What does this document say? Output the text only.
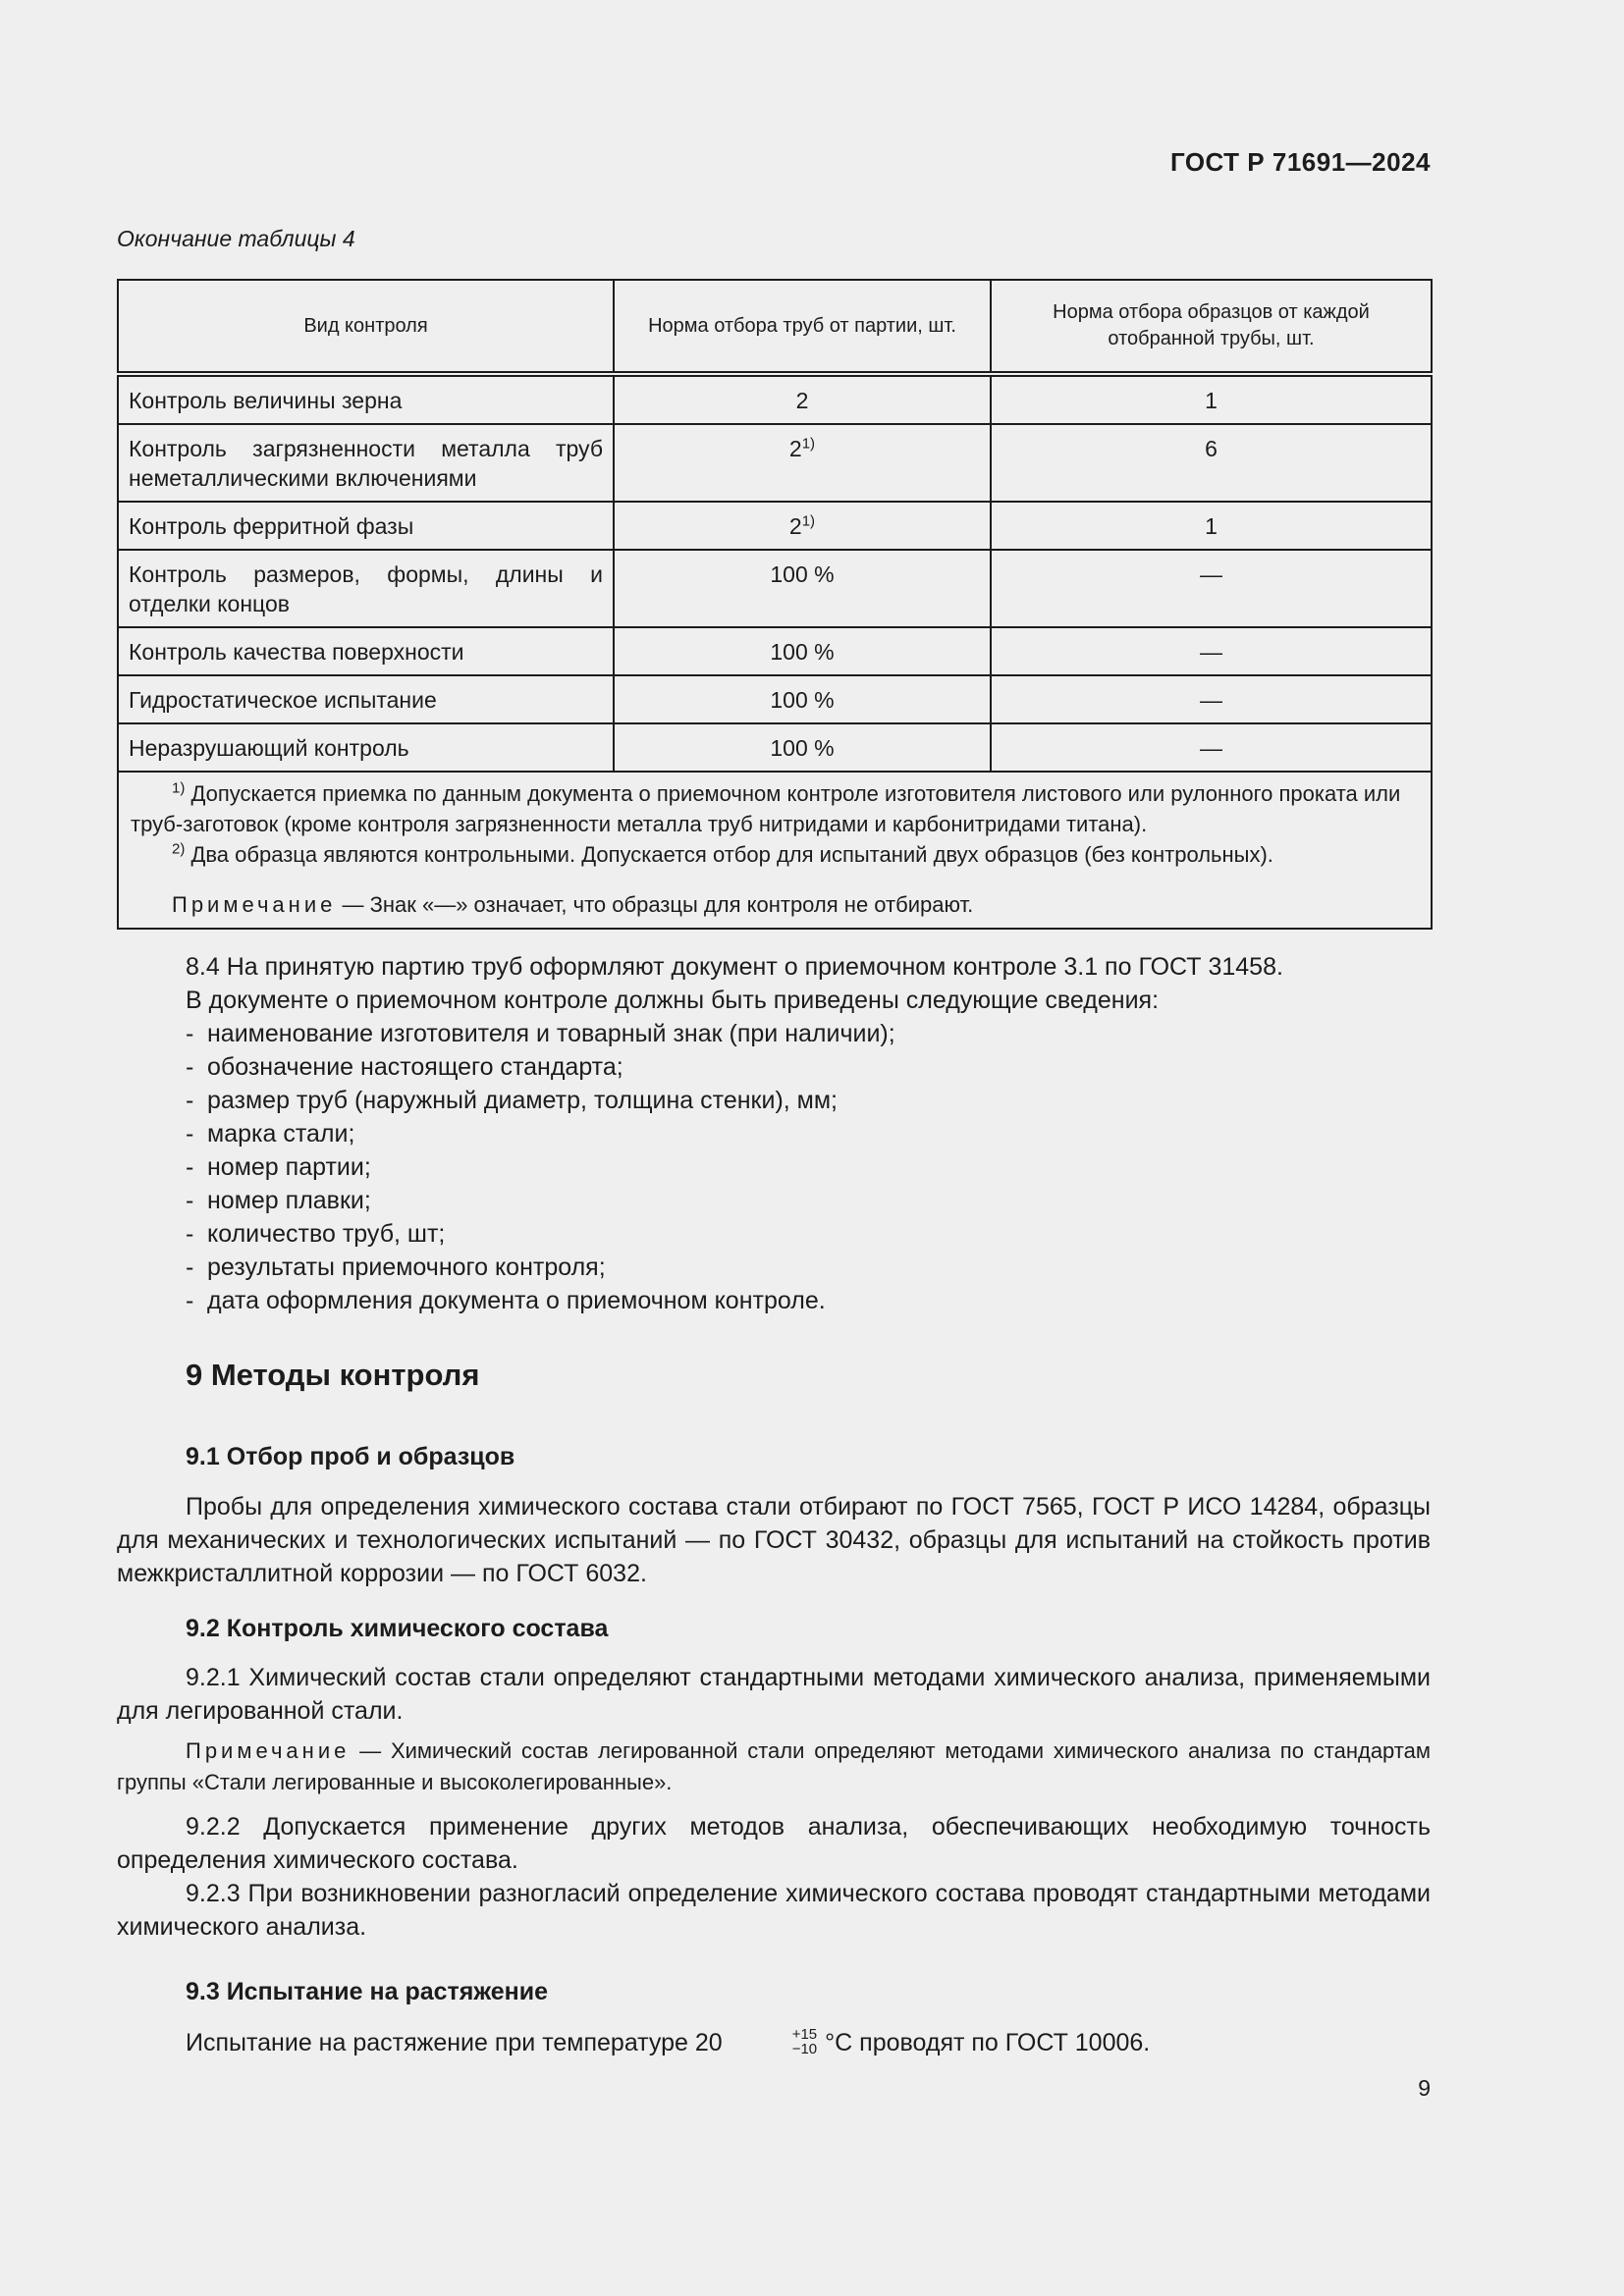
ГОСТ Р 71691—2024
Окончание таблицы 4
Вид контроля	Норма отбора труб от партии, шт.	Норма отбора образцов от каждой отобранной трубы, шт.
Контроль величины зерна	2	1
Контроль загрязненности металла труб неметаллическими включениями	2$^{1)}$	6
Контроль ферритной фазы	2$^{1)}$	1
Контроль размеров, формы, длины и отделки концов	100 %	—
Контроль качества поверхности	100 %	—
Гидростатическое испытание	100 %	—
Неразрушающий контроль	100 %	—

$^{1)}$ Допускается приемка по данным документа о приемочном контроле изготовителя листового или рулонного проката или труб-заготовок (кроме контроля загрязненности металла труб нитридами и карбонитридами титана).
$^{2)}$ Два образца являются контрольными. Допускается отбор для испытаний двух образцов (без контрольных).
Примечание — Знак «—» означает, что образцы для контроля не отбирают.		

8.4 На принятую партию труб оформляют документ о приемочном контроле 3.1 по ГОСТ 31458.

В документе о приемочном контроле должны быть приведены следующие сведения:

- наименование изготовителя и товарный знак (при наличии);
- обозначение настоящего стандарта;
- размер труб (наружный диаметр, толщина стенки), мм;
- марка стали;
- номер партии;
- номер плавки;
- количество труб, шт;
- результаты приемочного контроля;
- дата оформления документа о приемочном контроле.
9 Методы контроля
9.1 Отбор проб и образцов

Пробы для определения химического состава стали отбирают по ГОСТ 7565, ГОСТ Р ИСО 14284, образцы для механических и технологических испытаний — по ГОСТ 30432, образцы для испытаний на стойкость против межкристаллитной коррозии — по ГОСТ 6032.

9.2 Контроль химического состава

9.2.1 Химический состав стали определяют стандартными методами химического анализа, применяемыми для легированной стали.

Примечание — Химический состав легированной стали определяют методами химического анализа по стандартам группы «Стали легированные и высоколегированные».

9.2.2 Допускается применение других методов анализа, обеспечивающих необходимую точность определения химического состава.

9.2.3 При возникновении разногласий определение химического состава проводят стандартными методами химического анализа.

9.3 Испытание на растяжение

Испытание на растяжение при температуре 20	+15
−10 °С проводят по ГОСТ 10006.

9
